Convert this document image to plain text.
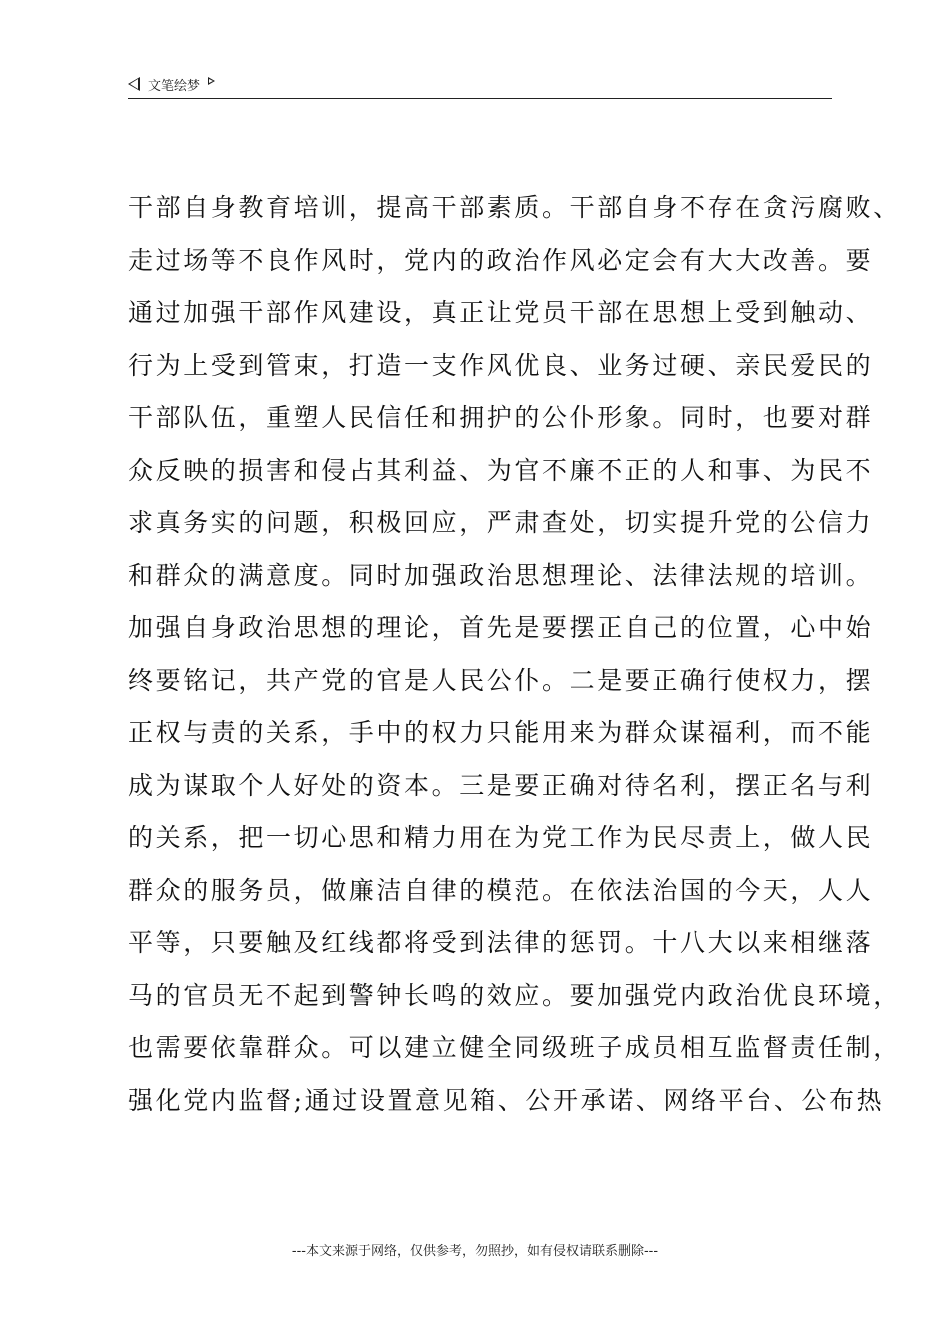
文笔绘梦
干部自身教育培训，提高干部素质。干部自身不存在贪污腐败、
走过场等不良作风时，党内的政治作风必定会有大大改善。要
通过加强干部作风建设，真正让党员干部在思想上受到触动、
行为上受到管束，打造一支作风优良、业务过硬、亲民爱民的
干部队伍，重塑人民信任和拥护的公仆形象。同时，也要对群
众反映的损害和侵占其利益、为官不廉不正的人和事、为民不
求真务实的问题，积极回应，严肃查处，切实提升党的公信力
和群众的满意度。同时加强政治思想理论、法律法规的培训。
加强自身政治思想的理论，首先是要摆正自己的位置，心中始
终要铭记，共产党的官是人民公仆。二是要正确行使权力，摆
正权与责的关系，手中的权力只能用来为群众谋福利，而不能
成为谋取个人好处的资本。三是要正确对待名利，摆正名与利
的关系，把一切心思和精力用在为党工作为民尽责上，做人民
群众的服务员，做廉洁自律的模范。在依法治国的今天，人人
平等，只要触及红线都将受到法律的惩罚。十八大以来相继落
马的官员无不起到警钟长鸣的效应。要加强党内政治优良环境，
也需要依靠群众。可以建立健全同级班子成员相互监督责任制，
强化党内监督;通过设置意见箱、公开承诺、网络平台、公布热
---本文来源于网络，仅供参考，勿照抄，如有侵权请联系删除---
